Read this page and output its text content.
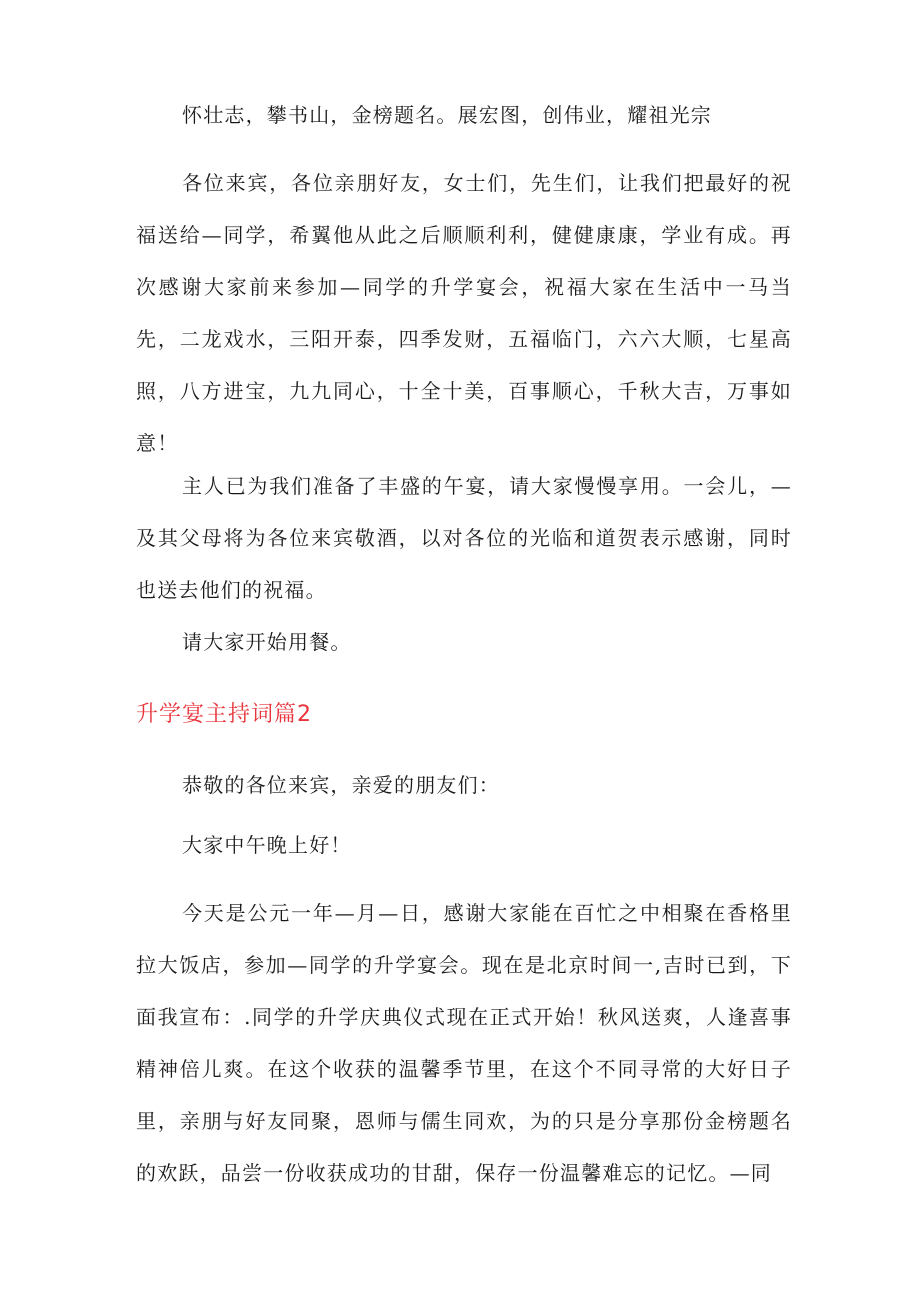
怀壮志，攀书山，金榜题名。展宏图，创伟业，耀祖光宗

各位来宾，各位亲朋好友，女士们，先生们，让我们把最好的祝福送给—同学，希翼他从此之后顺顺利利，健健康康，学业有成。再次感谢大家前来参加—同学的升学宴会，祝福大家在生活中一马当先，二龙戏水，三阳开泰，四季发财，五福临门，六六大顺，七星高照，八方进宝，九九同心，十全十美，百事顺心，千秋大吉，万事如意！

主人已为我们准备了丰盛的午宴，请大家慢慢享用。一会儿，—及其父母将为各位来宾敬酒，以对各位的光临和道贺表示感谢，同时也送去他们的祝福。

请大家开始用餐。

升学宴主持词篇2

恭敬的各位来宾，亲爱的朋友们：

大家中午晚上好！

今天是公元一年—月—日，感谢大家能在百忙之中相聚在香格里拉大饭店，参加—同学的升学宴会。现在是北京时间一,吉时已到，下面我宣布：.同学的升学庆典仪式现在正式开始！秋风送爽，人逢喜事精神倍儿爽。在这个收获的温馨季节里，在这个不同寻常的大好日子里，亲朋与好友同聚，恩师与儒生同欢，为的只是分享那份金榜题名的欢跃，品尝一份收获成功的甘甜，保存一份温馨难忘的记忆。—同
